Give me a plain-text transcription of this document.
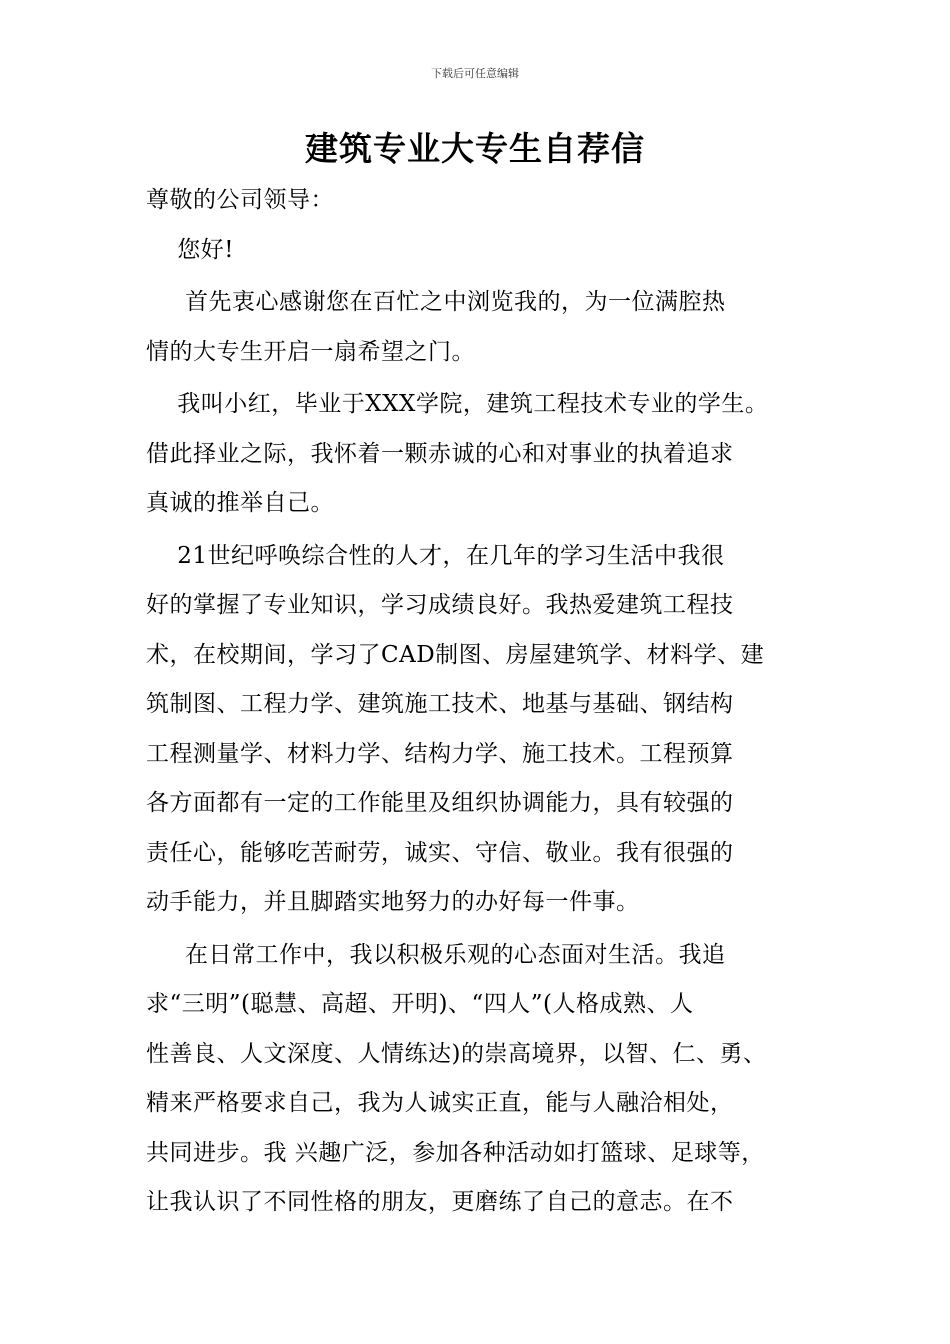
下载后可任意编辑
建筑专业大专生自荐信
尊敬的公司领导：
您好!
首先衷心感谢您在百忙之中浏览我的，为一位满腔热
情的大专生开启一扇希望之门。
我叫小红，毕业于XXX学院，建筑工程技术专业的学生。
借此择业之际，我怀着一颗赤诚的心和对事业的执着追求
真诚的推举自己。
21世纪呼唤综合性的人才，在几年的学习生活中我很
好的掌握了专业知识，学习成绩良好。我热爱建筑工程技
术，在校期间，学习了CAD制图、房屋建筑学、材料学、建
筑制图、工程力学、建筑施工技术、地基与基础、钢结构
工程测量学、材料力学、结构力学、施工技术。工程预算
各方面都有一定的工作能里及组织协调能力，具有较强的
责任心，能够吃苦耐劳，诚实、守信、敬业。我有很强的
动手能力，并且脚踏实地努力的办好每一件事。
在日常工作中，我以积极乐观的心态面对生活。我追
求“三明”(聪慧、高超、开明)、“四人”(人格成熟、人
性善良、人文深度、人情练达)的崇高境界，以智、仁、勇、
精来严格要求自己，我为人诚实正直，能与人融洽相处，
共同进步。我 兴趣广泛，参加各种活动如打篮球、足球等，
让我认识了不同性格的朋友，更磨练了自己的意志。在不
